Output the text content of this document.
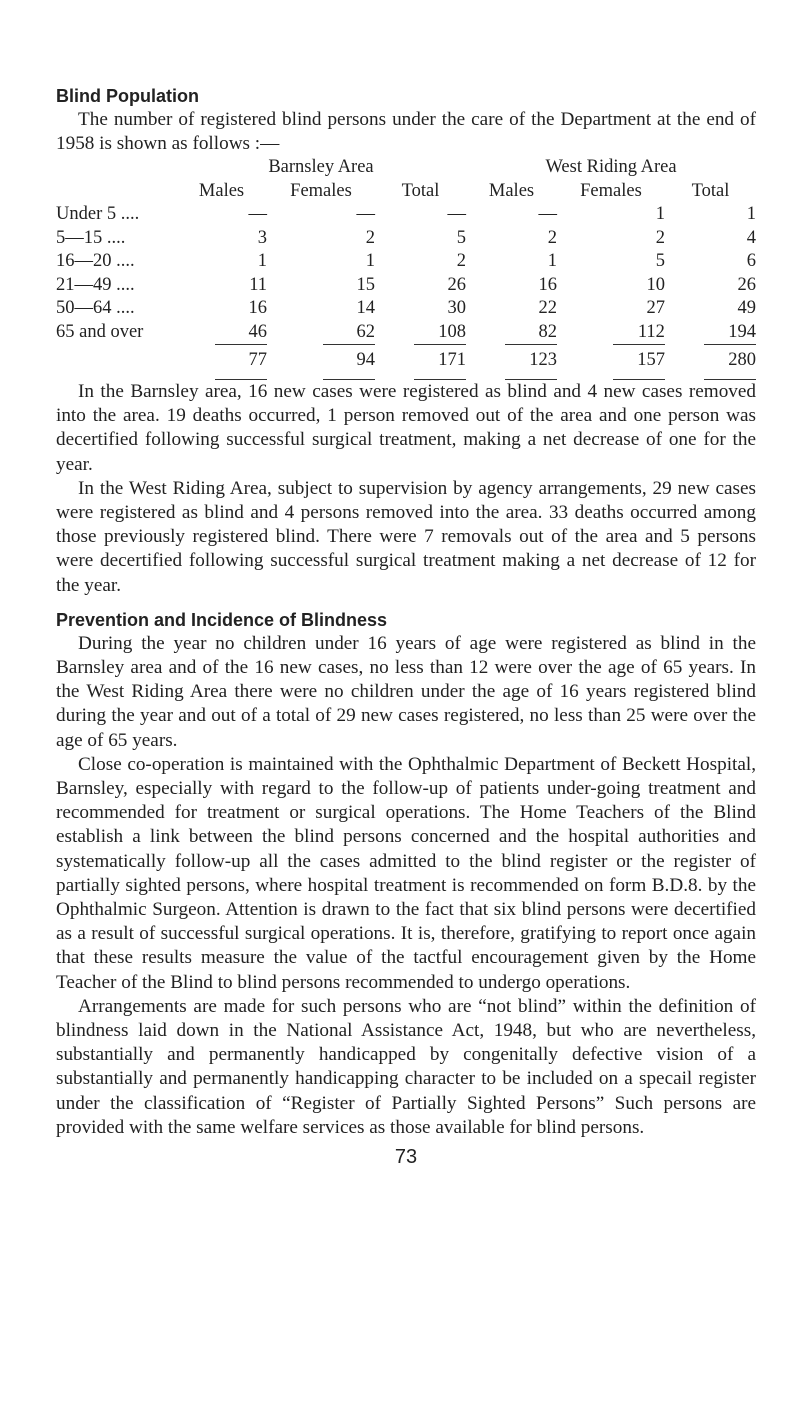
Blind Population

The number of registered blind persons under the care of the Department at the end of 1958 is shown as follows :—

	Barnsley Area			West Riding Area		
	Males	Females	Total	Males	Females	Total
Under 5 ....	—	—	—	—	1	1
5—15 ....	3	2	5	2	2	4
16—20 ....	1	1	2	1	5	6
21—49 ....	11	15	26	16	10	26
50—64 ....	16	14	30	22	27	49
65 and over	46	62	108	82	112	194
	77	94	171	123	157	280

In the Barnsley area, 16 new cases were registered as blind and 4 new cases removed into the area. 19 deaths occurred, 1 person removed out of the area and one person was decertified following successful surgical treatment, making a net decrease of one for the year.

In the West Riding Area, subject to supervision by agency arrangements, 29 new cases were registered as blind and 4 persons removed into the area. 33 deaths occurred among those previously registered blind. There were 7 removals out of the area and 5 persons were decertified following successful surgical treatment making a net decrease of 12 for the year.

Prevention and Incidence of Blindness

During the year no children under 16 years of age were registered as blind in the Barnsley area and of the 16 new cases, no less than 12 were over the age of 65 years. In the West Riding Area there were no children under the age of 16 years registered blind during the year and out of a total of 29 new cases registered, no less than 25 were over the age of 65 years.

Close co-operation is maintained with the Ophthalmic Department of Beckett Hospital, Barnsley, especially with regard to the follow-up of patients under-going treatment and recommended for treatment or surgical operations. The Home Teachers of the Blind establish a link between the blind persons concerned and the hospital authorities and systematically follow-up all the cases admitted to the blind register or the register of partially sighted persons, where hospital treatment is recommended on form B.D.8. by the Ophthalmic Surgeon. Attention is drawn to the fact that six blind persons were decertified as a result of successful surgical operations. It is, therefore, gratifying to report once again that these results measure the value of the tactful encouragement given by the Home Teacher of the Blind to blind persons recommended to undergo operations.

Arrangements are made for such persons who are “not blind” within the definition of blindness laid down in the National Assistance Act, 1948, but who are nevertheless, substantially and permanently handicapped by congenitally defective vision of a substantially and permanently handicapping character to be included on a specail register under the classification of “Register of Partially Sighted Persons” Such persons are provided with the same welfare services as those available for blind persons.

73
